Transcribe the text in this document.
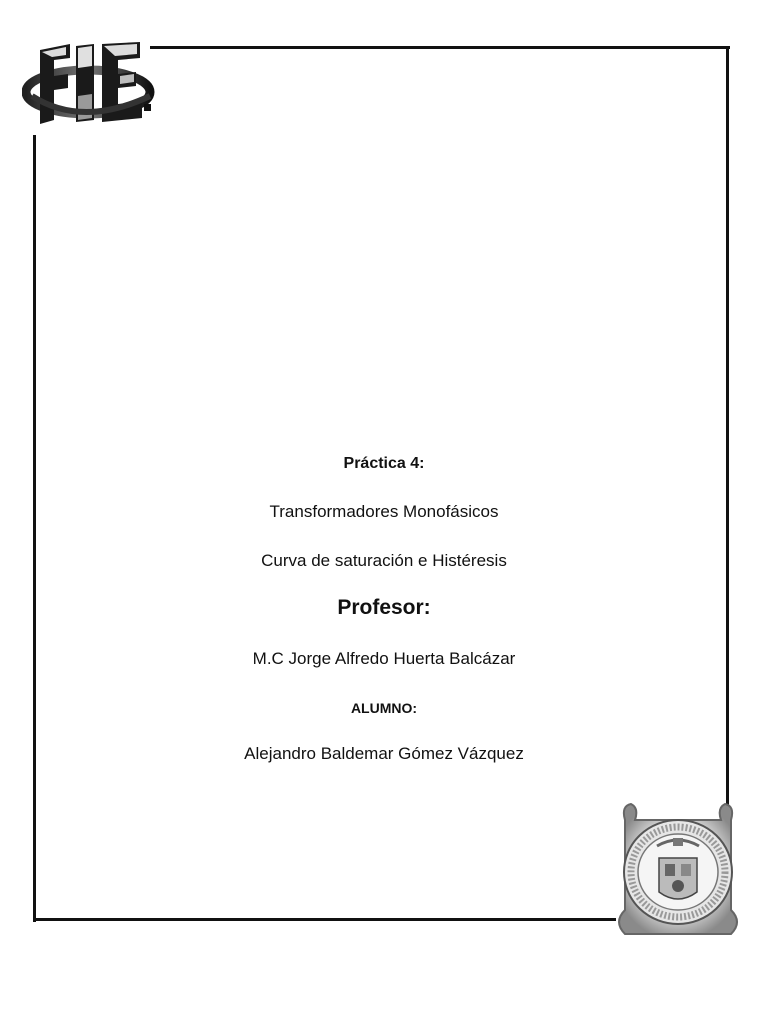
Práctica 4:
Transformadores Monofásicos
Curva de saturación e Histéresis
Profesor:
M.C Jorge Alfredo Huerta Balcázar
ALUMNO:
Alejandro Baldemar Gómez Vázquez
